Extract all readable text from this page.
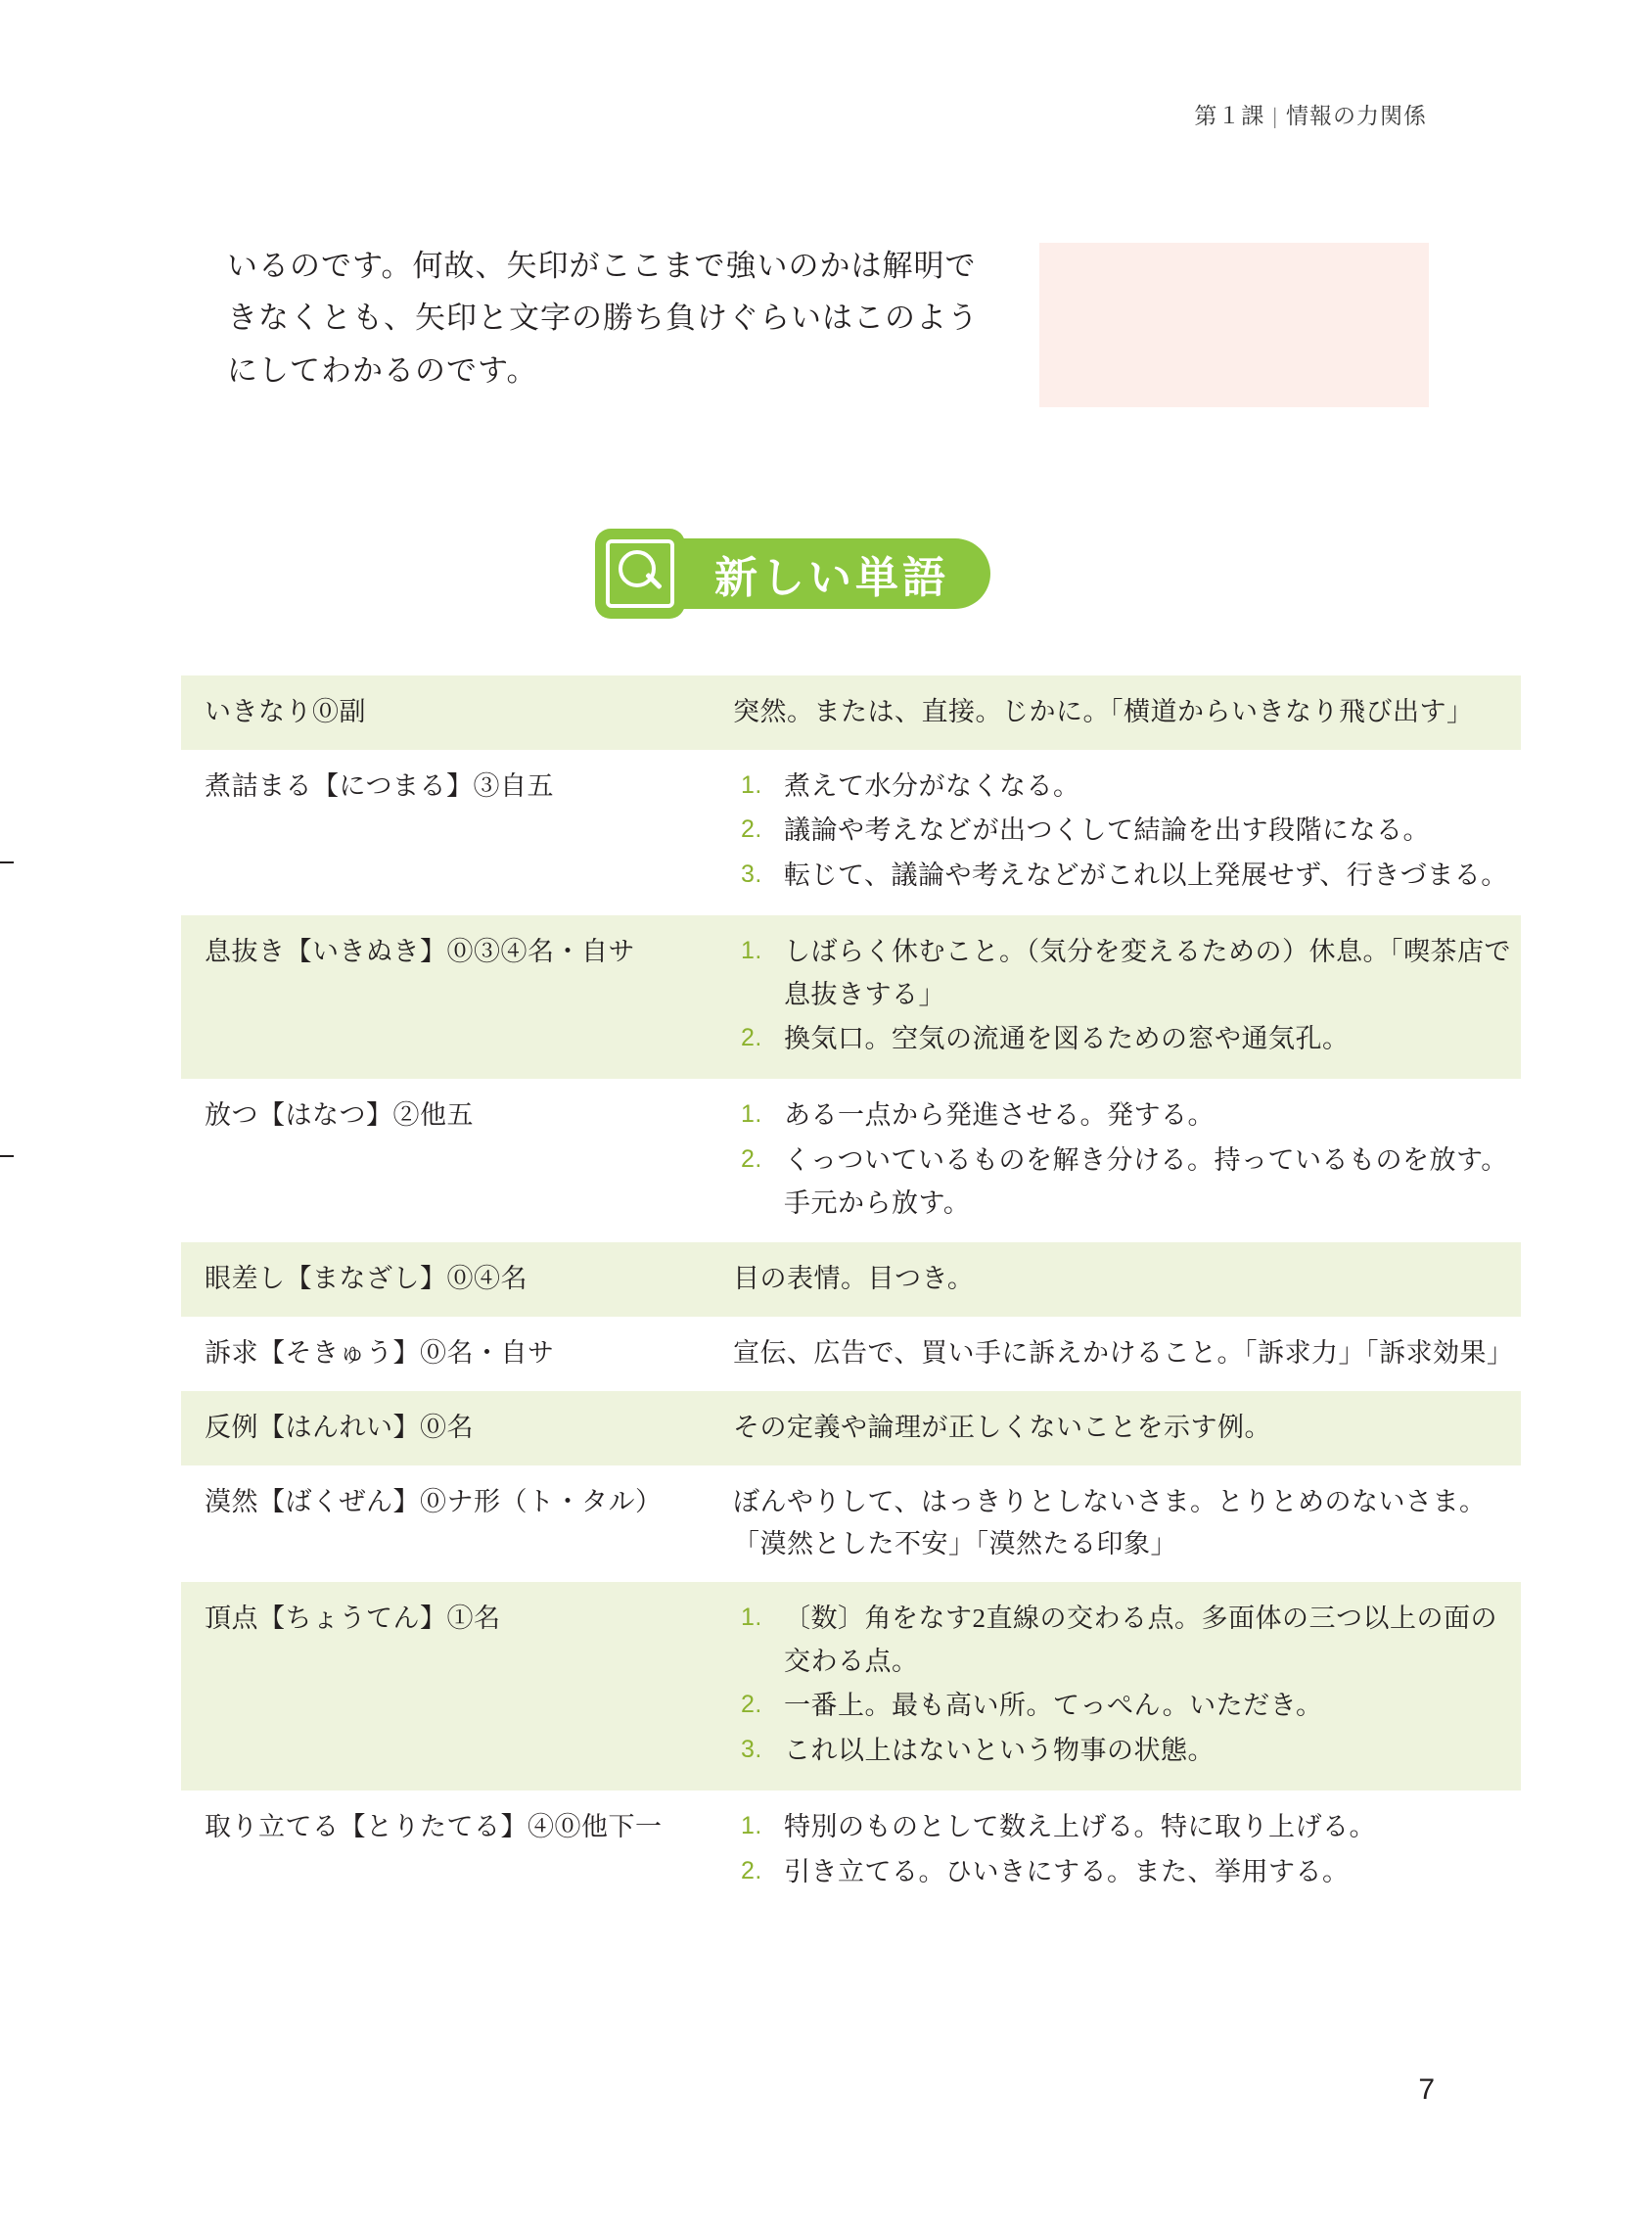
第１課 | 情報の力関係

いるのです。何故、矢印がここまで強いのかは解明で

きなくとも、矢印と文字の勝ち負けぐらいはこのよう

にしてわかるのです。

新しい単語
いきなり⓪副	突然。または、直接。じかに。「横道からいきなり飛び出す」

煮詰まる【につまる】③自五	煮えて水分がなくなる。
議論や考えなどが出つくして結論を出す段階になる。
転じて、議論や考えなどがこれ以上発展せず、行きづまる。

息抜き【いきぬき】⓪③④名・自サ	しばらく休むこと。（気分を変えるための）休息。「喫茶店で息抜きする」
換気口。空気の流通を図るための窓や通気孔。

放つ【はなつ】②他五	ある一点から発進させる。発する。
くっついているものを解き分ける。持っているものを放す。手元から放す。

眼差し【まなざし】⓪④名	目の表情。目つき。

訴求【そきゅう】⓪名・自サ	宣伝、広告で、買い手に訴えかけること。「訴求力」「訴求効果」

反例【はんれい】⓪名	その定義や論理が正しくないことを示す例。

漠然【ばくぜん】⓪ナ形（ト・タル）	ぼんやりして、はっきりとしないさま。とりとめのないさま。「漠然とした不安」「漠然たる印象」

頂点【ちょうてん】①名	〔数〕角をなす2直線の交わる点。多面体の三つ以上の面の交わる点。
一番上。最も高い所。てっぺん。いただき。
これ以上はないという物事の状態。

取り立てる【とりたてる】④⓪他下一	特別のものとして数え上げる。特に取り上げる。
引き立てる。ひいきにする。また、挙用する。
7
